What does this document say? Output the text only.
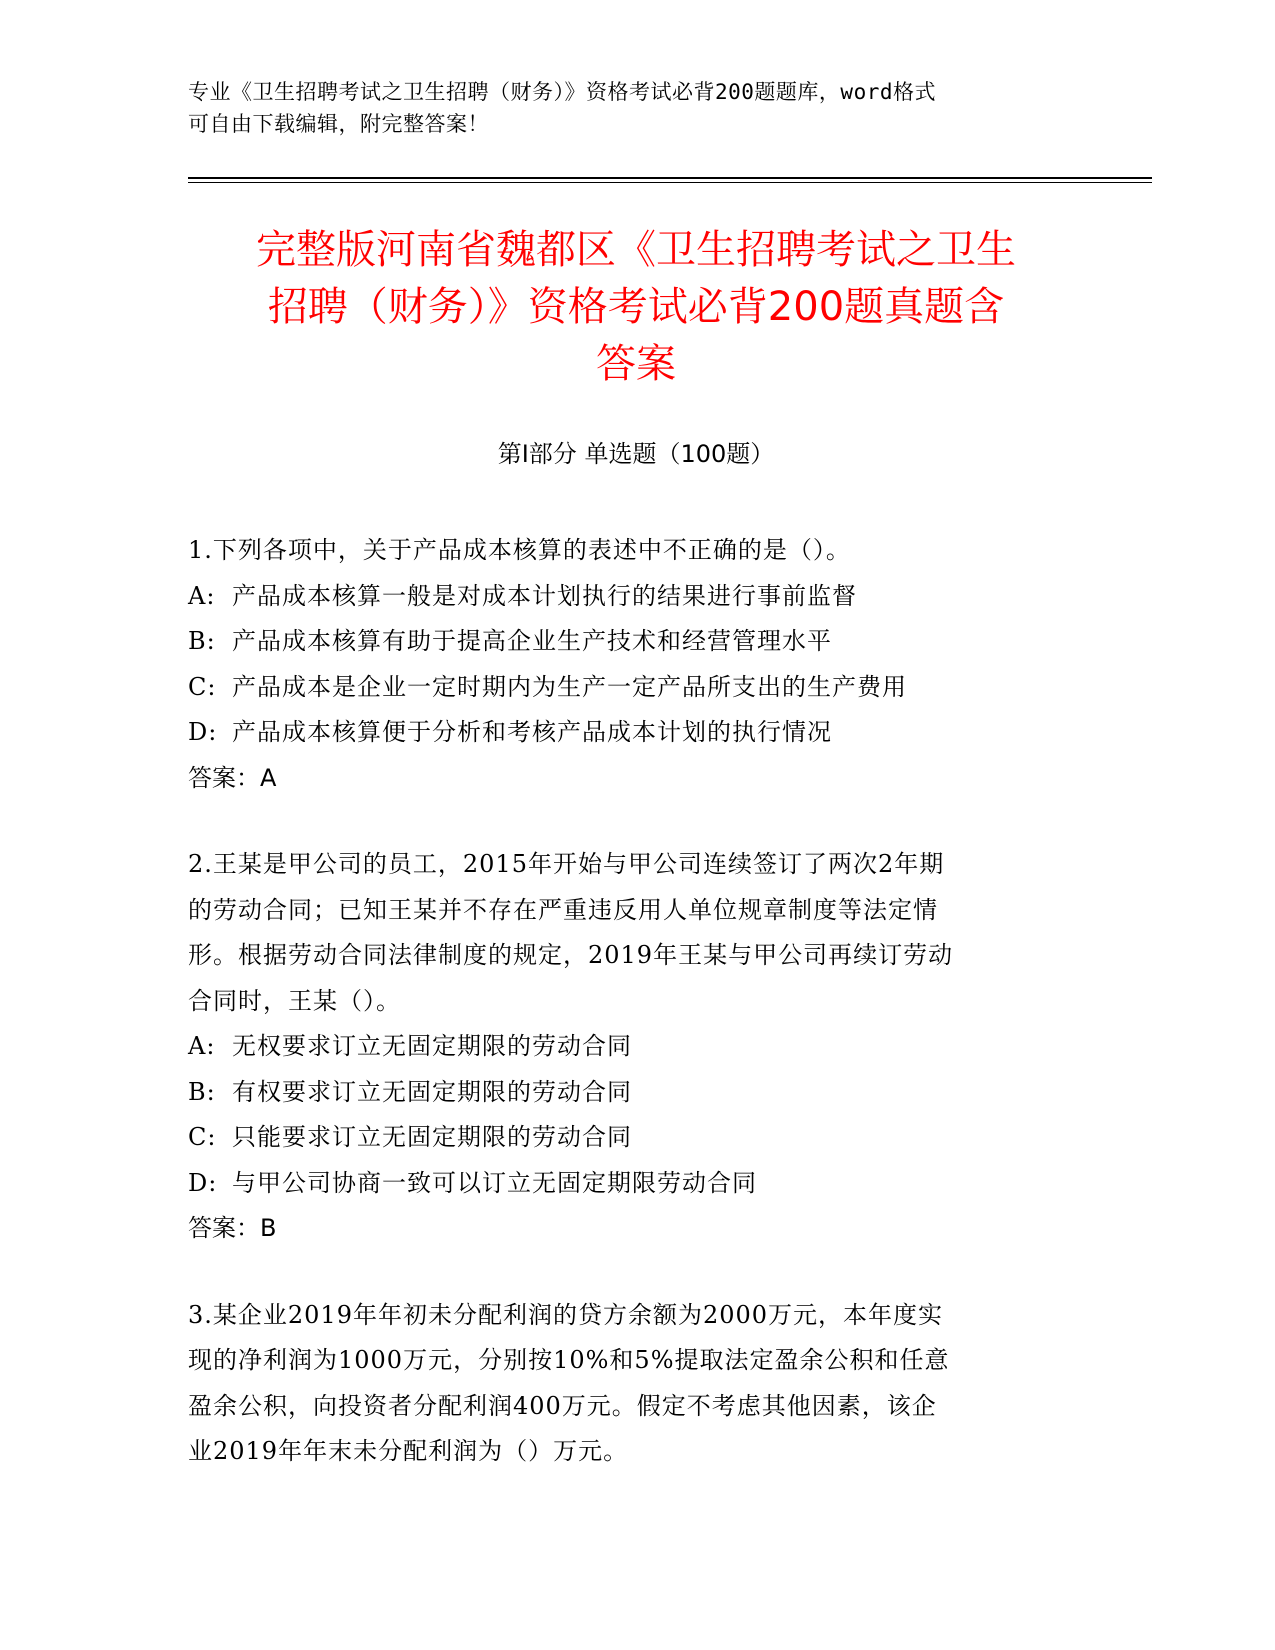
专业《卫生招聘考试之卫生招聘（财务）》资格考试必背200题题库，word格式
可自由下载编辑，附完整答案！
完整版河南省魏都区《卫生招聘考试之卫生
招聘（财务）》资格考试必背200题真题含
答案
第I部分 单选题（100题）

1.下列各项中，关于产品成本核算的表述中不正确的是（）。

A: 产品成本核算一般是对成本计划执行的结果进行事前监督

B: 产品成本核算有助于提高企业生产技术和经营管理水平

C: 产品成本是企业一定时期内为生产一定产品所支出的生产费用

D: 产品成本核算便于分析和考核产品成本计划的执行情况

答案：A

2.王某是甲公司的员工，2015年开始与甲公司连续签订了两次2年期

的劳动合同；已知王某并不存在严重违反用人单位规章制度等法定情

形。根据劳动合同法律制度的规定，2019年王某与甲公司再续订劳动

合同时，王某（）。

A: 无权要求订立无固定期限的劳动合同

B: 有权要求订立无固定期限的劳动合同

C: 只能要求订立无固定期限的劳动合同

D: 与甲公司协商一致可以订立无固定期限劳动合同

答案：B

3.某企业2019年年初未分配利润的贷方余额为2000万元，本年度实

现的净利润为1000万元，分别按10%和5%提取法定盈余公积和任意

盈余公积，向投资者分配利润400万元。假定不考虑其他因素，该企

业2019年年末未分配利润为（）万元。
